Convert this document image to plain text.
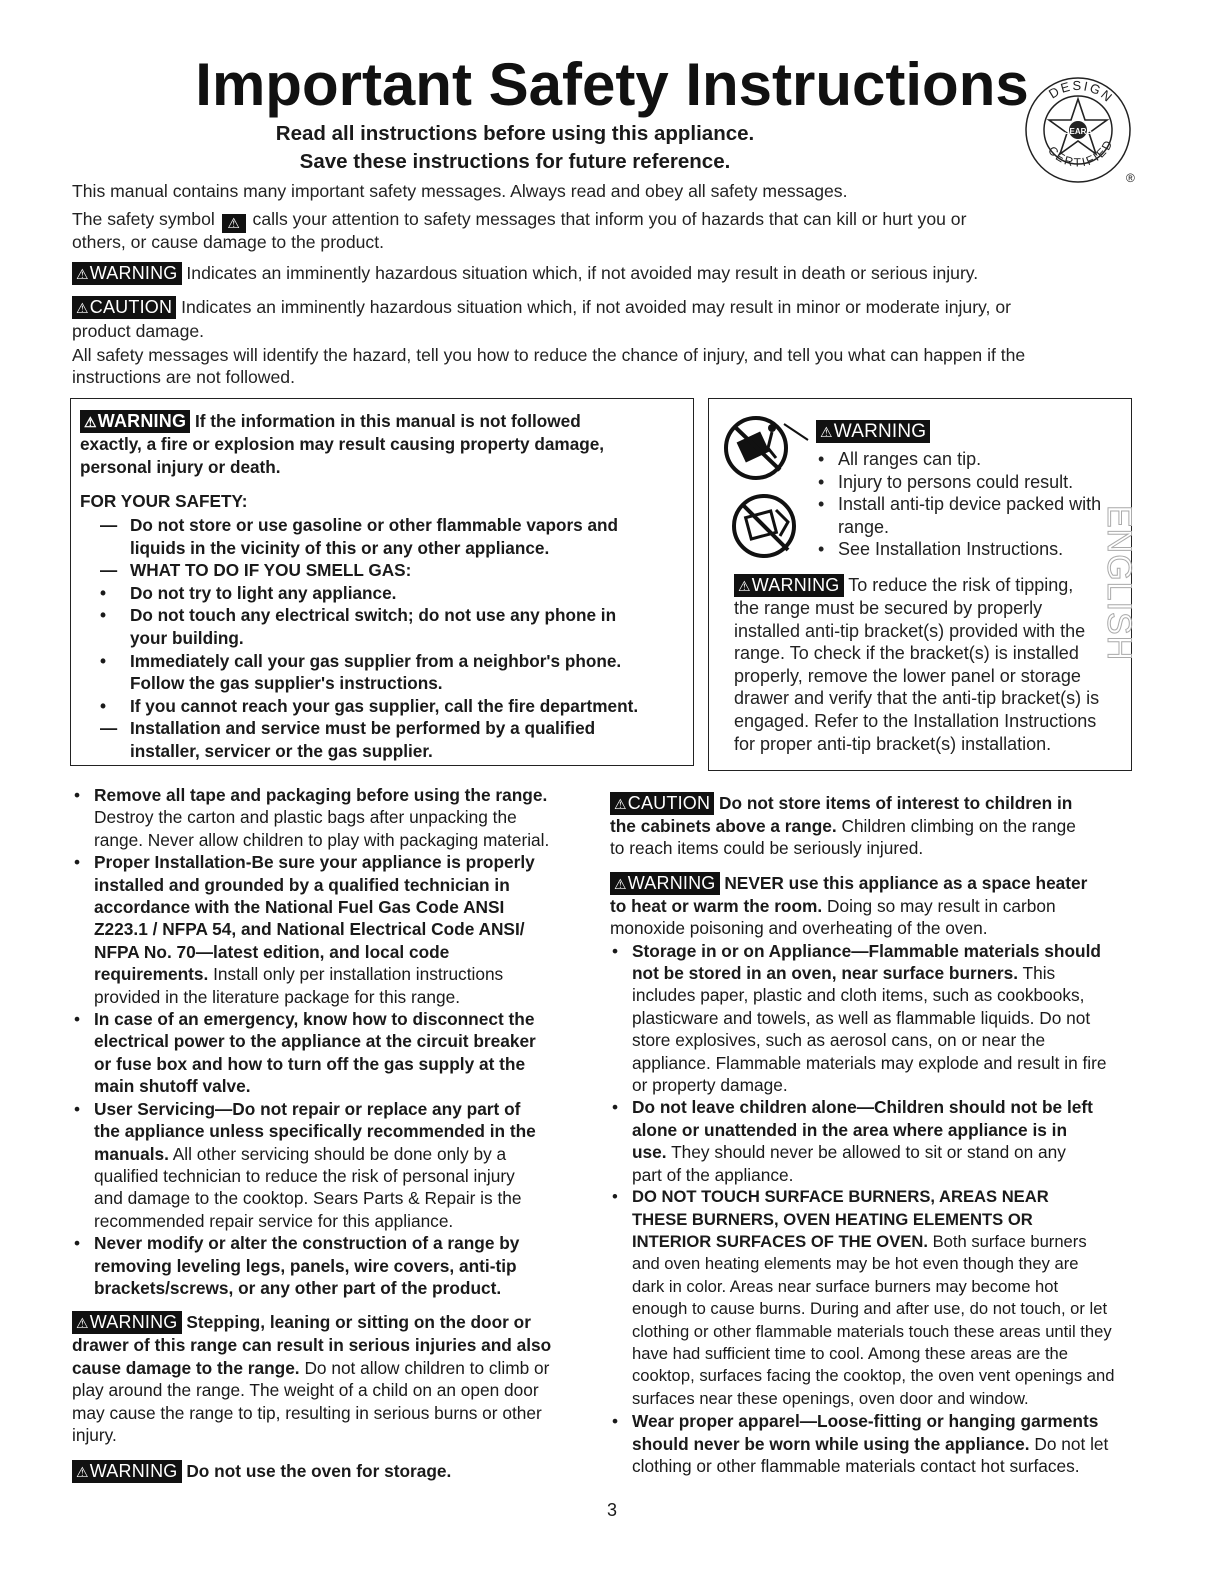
Important Safety Instructions
Read all instructions before using this appliance.
Save these instructions for future reference.
SEARS
DESIGN
CERTIFIED
®
This manual contains many important safety messages. Always read and obey all safety messages.
The safety symbol ⚠ calls your attention to safety messages that inform you of hazards that can kill or hurt you or
others, or cause damage to the product.
⚠WARNING Indicates an imminently hazardous situation which, if not avoided may result in death or serious injury.
⚠CAUTION Indicates an imminently hazardous situation which, if not avoided may result in minor or moderate injury, or
product damage.
All safety messages will identify the hazard, tell you how to reduce the chance of injury, and tell you what can happen if the
instructions are not followed.
⚠WARNING If the information in this manual is not followed
exactly, a fire or explosion may result causing property damage,
personal injury or death.
FOR YOUR SAFETY:
— Do not store or use gasoline or other flammable vapors and
liquids in the vicinity of this or any other appliance.
— WHAT TO DO IF YOU SMELL GAS:
• Do not try to light any appliance.
• Do not touch any electrical switch; do not use any phone in
your building.
• Immediately call your gas supplier from a neighbor's phone.
Follow the gas supplier's instructions.
• If you cannot reach your gas supplier, call the fire department.
— Installation and service must be performed by a qualified
installer, servicer or the gas supplier.
⚠WARNING
• All ranges can tip.
• Injury to persons could result.
• Install anti-tip device packed with
range.
• See Installation Instructions.
⚠WARNING To reduce the risk of tipping,
the range must be secured by properly
installed anti-tip bracket(s) provided with the
range. To check if the bracket(s) is installed
properly, remove the lower panel or storage
drawer and verify that the anti-tip bracket(s) is
engaged. Refer to the Installation Instructions
for proper anti-tip bracket(s) installation.
ENGLISH
• Remove all tape and packaging before using the range.
Destroy the carton and plastic bags after unpacking the
range. Never allow children to play with packaging material.
• Proper Installation-Be sure your appliance is properly
installed and grounded by a qualified technician in
accordance with the National Fuel Gas Code ANSI
Z223.1 / NFPA 54, and National Electrical Code ANSI/
NFPA No. 70—latest edition, and local code
requirements. Install only per installation instructions
provided in the literature package for this range.
• In case of an emergency, know how to disconnect the
electrical power to the appliance at the circuit breaker
or fuse box and how to turn off the gas supply at the
main shutoff valve.
• User Servicing—Do not repair or replace any part of
the appliance unless specifically recommended in the
manuals. All other servicing should be done only by a
qualified technician to reduce the risk of personal injury
and damage to the cooktop. Sears Parts & Repair is the
recommended repair service for this appliance.
• Never modify or alter the construction of a range by
removing leveling legs, panels, wire covers, anti-tip
brackets/screws, or any other part of the product.
⚠WARNING Stepping, leaning or sitting on the door or
drawer of this range can result in serious injuries and also
cause damage to the range. Do not allow children to climb or
play around the range. The weight of a child on an open door
may cause the range to tip, resulting in serious burns or other
injury.
⚠WARNING Do not use the oven for storage.
⚠CAUTION Do not store items of interest to children in
the cabinets above a range. Children climbing on the range
to reach items could be seriously injured.
⚠WARNING NEVER use this appliance as a space heater
to heat or warm the room. Doing so may result in carbon
monoxide poisoning and overheating of the oven.
• Storage in or on Appliance—Flammable materials should
not be stored in an oven, near surface burners. This
includes paper, plastic and cloth items, such as cookbooks,
plasticware and towels, as well as flammable liquids. Do not
store explosives, such as aerosol cans, on or near the
appliance. Flammable materials may explode and result in fire
or property damage.
• Do not leave children alone—Children should not be left
alone or unattended in the area where appliance is in
use. They should never be allowed to sit or stand on any
part of the appliance.
• DO NOT TOUCH SURFACE BURNERS, AREAS NEAR
THESE BURNERS, OVEN HEATING ELEMENTS OR
INTERIOR SURFACES OF THE OVEN. Both surface burners
and oven heating elements may be hot even though they are
dark in color. Areas near surface burners may become hot
enough to cause burns. During and after use, do not touch, or let
clothing or other flammable materials touch these areas until they
have had sufficient time to cool. Among these areas are the
cooktop, surfaces facing the cooktop, the oven vent openings and
surfaces near these openings, oven door and window.
• Wear proper apparel—Loose-fitting or hanging garments
should never be worn while using the appliance. Do not let
clothing or other flammable materials contact hot surfaces.
3
